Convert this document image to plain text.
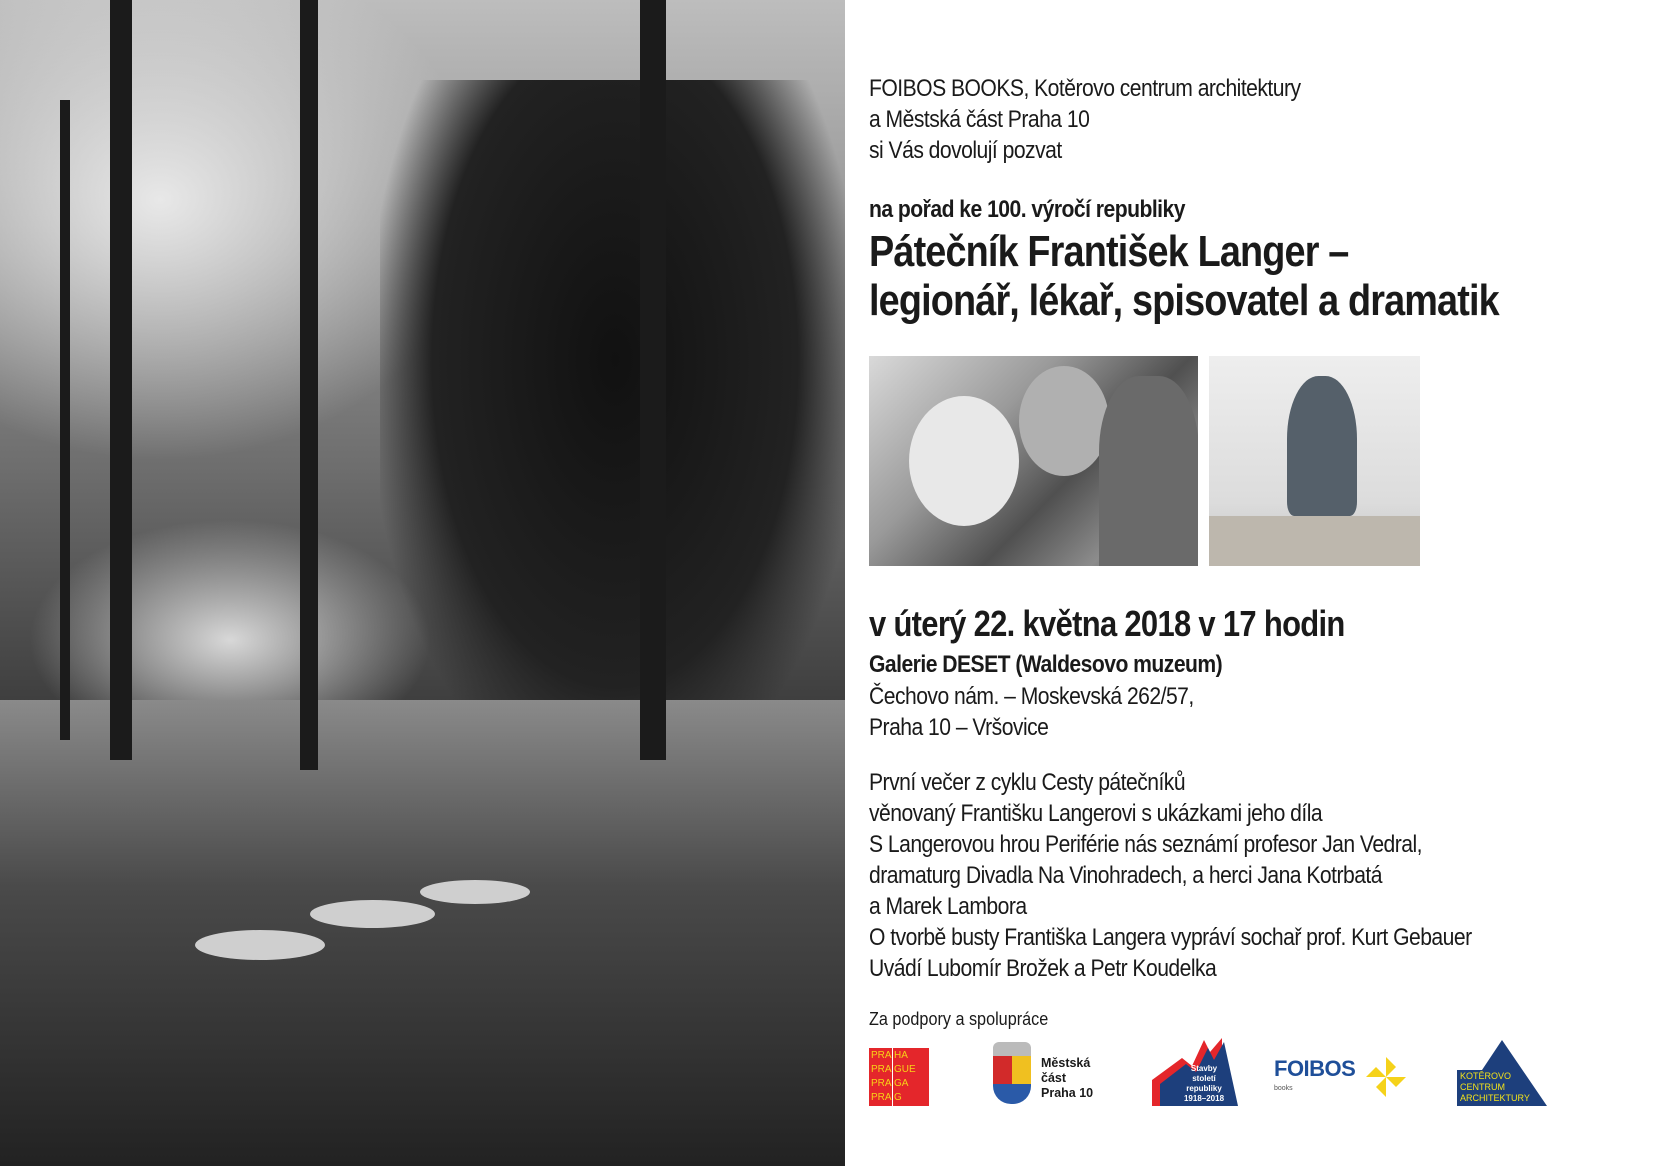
FOIBOS BOOKS, Kotěrovo centrum architektury
a Městská část Praha 10
si Vás dovolují pozvat
na pořad ke 100. výročí republiky
Pátečník František Langer –
legionář, lékař, spisovatel a dramatik
v úterý 22. května 2018 v 17 hodin
Galerie DESET (Waldesovo muzeum)
Čechovo nám. – Moskevská 262/57,
Praha 10 – Vršovice
První večer z cyklu Cesty pátečníků
věnovaný Františku Langerovi s ukázkami jeho díla
S Langerovou hrou Periférie nás seznámí profesor Jan Vedral,
dramaturg Divadla Na Vinohradech, a herci Jana Kotrbatá
a Marek Lambora
O tvorbě busty Františka Langera vypráví sochař prof. Kurt Gebauer
Uvádí Lubomír Brožek a Petr Koudelka
Za podpory a spolupráce
PRA HA
PRA GUE
PRA GA
PRA G
Městská
část
Praha 10
Stavby
století
republiky
1918–2018
FOIBOS
books
KOTĚROVO
CENTRUM
ARCHITEKTURY
